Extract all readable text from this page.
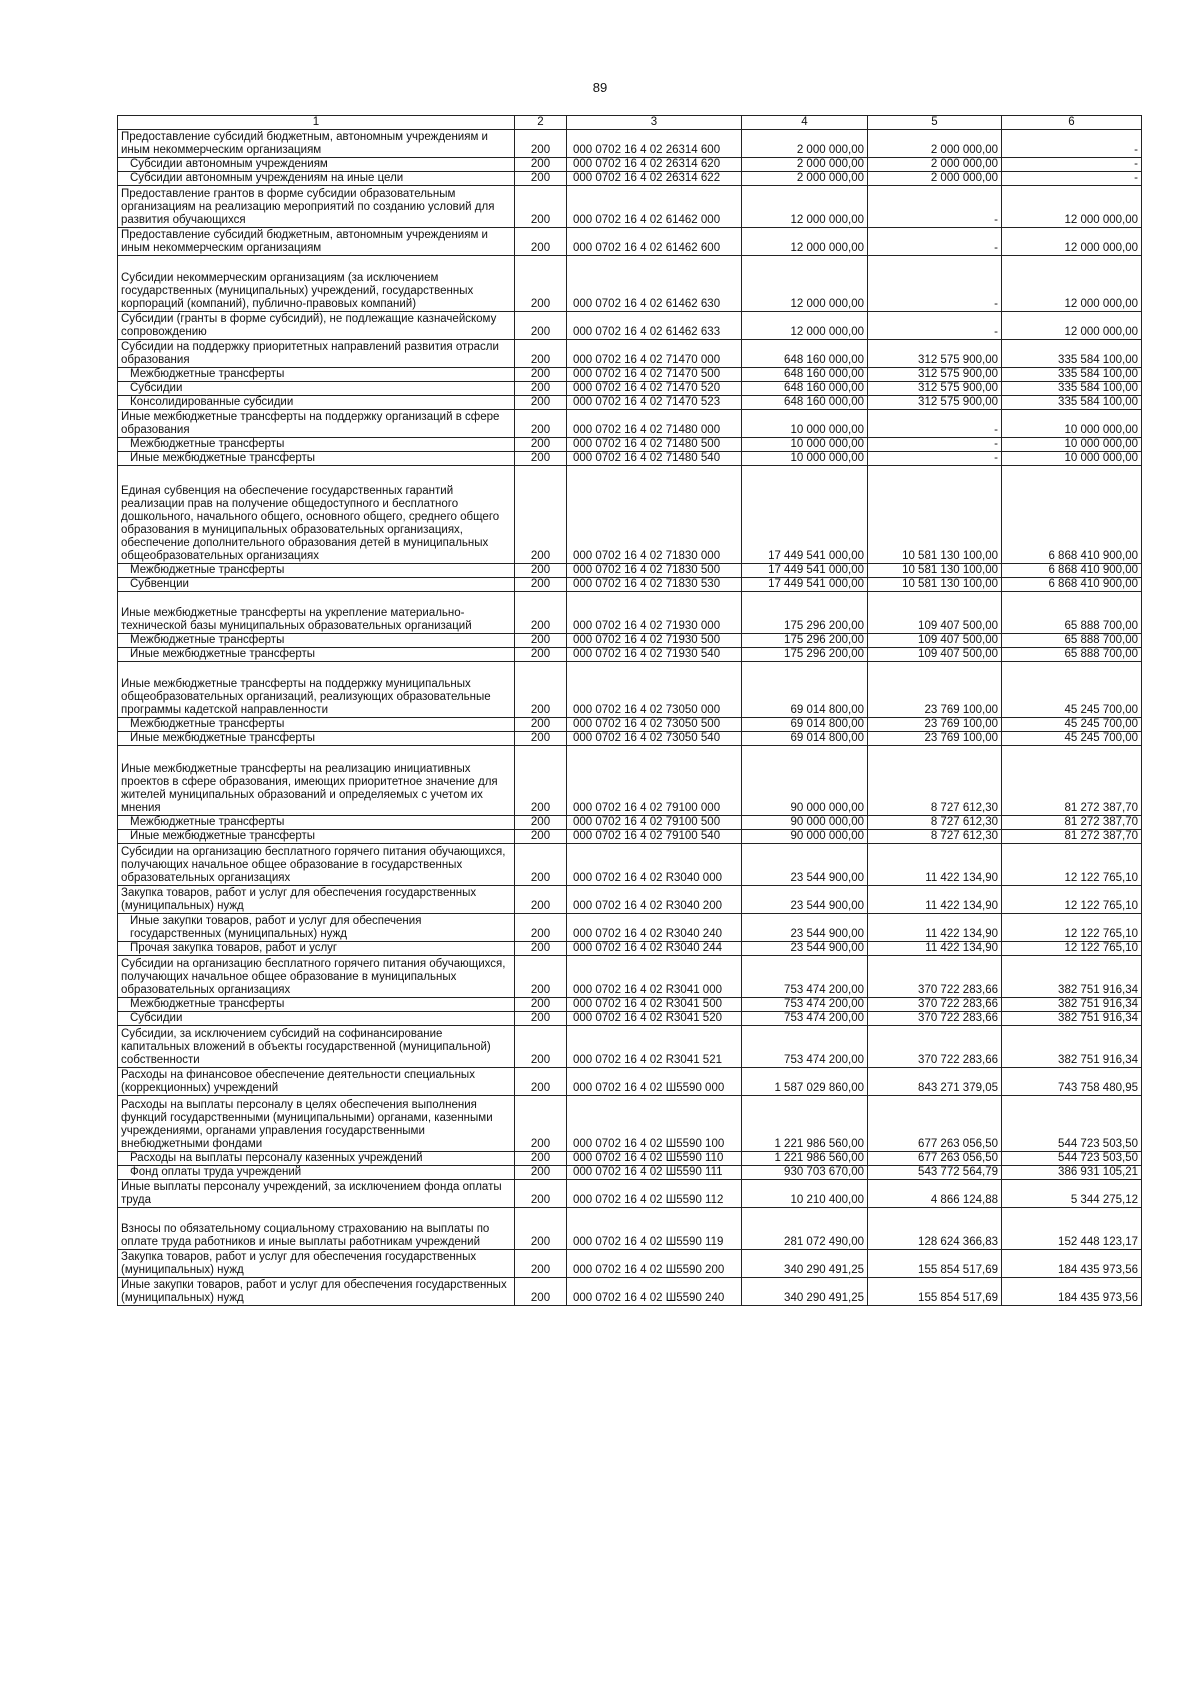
89
1	2	3	4	5	6
Предоставление субсидий бюджетным, автономным учреждениям и иным некоммерческим организациям	200	000 0702 16 4 02 26314 600	2 000 000,00	2 000 000,00	-
Субсидии автономным учреждениям	200	000 0702 16 4 02 26314 620	2 000 000,00	2 000 000,00	-
Субсидии автономным учреждениям на иные цели	200	000 0702 16 4 02 26314 622	2 000 000,00	2 000 000,00	-
Предоставление грантов в форме субсидии образовательным организациям на реализацию мероприятий по созданию условий для развития обучающихся	200	000 0702 16 4 02 61462 000	12 000 000,00	-	12 000 000,00
Предоставление субсидий бюджетным, автономным учреждениям и иным некоммерческим организациям	200	000 0702 16 4 02 61462 600	12 000 000,00	-	12 000 000,00
Субсидии некоммерческим организациям (за исключением государственных (муниципальных) учреждений, государственных корпораций (компаний), публично-правовых компаний)	200	000 0702 16 4 02 61462 630	12 000 000,00	-	12 000 000,00
Субсидии (гранты в форме субсидий), не подлежащие казначейскому сопровождению	200	000 0702 16 4 02 61462 633	12 000 000,00	-	12 000 000,00
Субсидии на поддержку приоритетных направлений развития отрасли образования	200	000 0702 16 4 02 71470 000	648 160 000,00	312 575 900,00	335 584 100,00
Межбюджетные трансферты	200	000 0702 16 4 02 71470 500	648 160 000,00	312 575 900,00	335 584 100,00
Субсидии	200	000 0702 16 4 02 71470 520	648 160 000,00	312 575 900,00	335 584 100,00
Консолидированные субсидии	200	000 0702 16 4 02 71470 523	648 160 000,00	312 575 900,00	335 584 100,00
Иные межбюджетные трансферты на поддержку организаций в сфере образования	200	000 0702 16 4 02 71480 000	10 000 000,00	-	10 000 000,00
Межбюджетные трансферты	200	000 0702 16 4 02 71480 500	10 000 000,00	-	10 000 000,00
Иные межбюджетные трансферты	200	000 0702 16 4 02 71480 540	10 000 000,00	-	10 000 000,00
Единая субвенция на обеспечение государственных гарантий реализации прав на получение общедоступного и бесплатного дошкольного, начального общего, основного общего, среднего общего образования в муниципальных образовательных организациях, обеспечение дополнительного образования детей в муниципальных общеобразовательных организациях	200	000 0702 16 4 02 71830 000	17 449 541 000,00	10 581 130 100,00	6 868 410 900,00
Межбюджетные трансферты	200	000 0702 16 4 02 71830 500	17 449 541 000,00	10 581 130 100,00	6 868 410 900,00
Субвенции	200	000 0702 16 4 02 71830 530	17 449 541 000,00	10 581 130 100,00	6 868 410 900,00
Иные межбюджетные трансферты на укрепление материально-технической базы муниципальных образовательных организаций	200	000 0702 16 4 02 71930 000	175 296 200,00	109 407 500,00	65 888 700,00
Межбюджетные трансферты	200	000 0702 16 4 02 71930 500	175 296 200,00	109 407 500,00	65 888 700,00
Иные межбюджетные трансферты	200	000 0702 16 4 02 71930 540	175 296 200,00	109 407 500,00	65 888 700,00
Иные межбюджетные трансферты на поддержку муниципальных общеобразовательных организаций, реализующих образовательные программы кадетской направленности	200	000 0702 16 4 02 73050 000	69 014 800,00	23 769 100,00	45 245 700,00
Межбюджетные трансферты	200	000 0702 16 4 02 73050 500	69 014 800,00	23 769 100,00	45 245 700,00
Иные межбюджетные трансферты	200	000 0702 16 4 02 73050 540	69 014 800,00	23 769 100,00	45 245 700,00
Иные межбюджетные трансферты на реализацию инициативных проектов в сфере образования, имеющих приоритетное значение для жителей муниципальных образований и определяемых с учетом их мнения	200	000 0702 16 4 02 79100 000	90 000 000,00	8 727 612,30	81 272 387,70
Межбюджетные трансферты	200	000 0702 16 4 02 79100 500	90 000 000,00	8 727 612,30	81 272 387,70
Иные межбюджетные трансферты	200	000 0702 16 4 02 79100 540	90 000 000,00	8 727 612,30	81 272 387,70
Субсидии на организацию бесплатного горячего питания обучающихся, получающих начальное общее образование в государственных образовательных организациях	200	000 0702 16 4 02 R3040 000	23 544 900,00	11 422 134,90	12 122 765,10
Закупка товаров, работ и услуг для обеспечения государственных (муниципальных) нужд	200	000 0702 16 4 02 R3040 200	23 544 900,00	11 422 134,90	12 122 765,10
Иные закупки товаров, работ и услуг для обеспечения государственных (муниципальных) нужд	200	000 0702 16 4 02 R3040 240	23 544 900,00	11 422 134,90	12 122 765,10
Прочая закупка товаров, работ и услуг	200	000 0702 16 4 02 R3040 244	23 544 900,00	11 422 134,90	12 122 765,10
Субсидии на организацию бесплатного горячего питания обучающихся, получающих начальное общее образование в муниципальных образовательных организациях	200	000 0702 16 4 02 R3041 000	753 474 200,00	370 722 283,66	382 751 916,34
Межбюджетные трансферты	200	000 0702 16 4 02 R3041 500	753 474 200,00	370 722 283,66	382 751 916,34
Субсидии	200	000 0702 16 4 02 R3041 520	753 474 200,00	370 722 283,66	382 751 916,34
Субсидии, за исключением субсидий на софинансирование капитальных вложений в объекты государственной (муниципальной) собственности	200	000 0702 16 4 02 R3041 521	753 474 200,00	370 722 283,66	382 751 916,34
Расходы на финансовое обеспечение деятельности специальных (коррекционных) учреждений	200	000 0702 16 4 02 Ш5590 000	1 587 029 860,00	843 271 379,05	743 758 480,95
Расходы на выплаты персоналу в целях обеспечения выполнения функций государственными (муниципальными) органами, казенными учреждениями, органами управления государственными внебюджетными фондами	200	000 0702 16 4 02 Ш5590 100	1 221 986 560,00	677 263 056,50	544 723 503,50
Расходы на выплаты персоналу казенных учреждений	200	000 0702 16 4 02 Ш5590 110	1 221 986 560,00	677 263 056,50	544 723 503,50
Фонд оплаты труда учреждений	200	000 0702 16 4 02 Ш5590 111	930 703 670,00	543 772 564,79	386 931 105,21
Иные выплаты персоналу учреждений, за исключением фонда оплаты труда	200	000 0702 16 4 02 Ш5590 112	10 210 400,00	4 866 124,88	5 344 275,12
Взносы по обязательному социальному страхованию на выплаты по оплате труда работников и иные выплаты работникам учреждений	200	000 0702 16 4 02 Ш5590 119	281 072 490,00	128 624 366,83	152 448 123,17
Закупка товаров, работ и услуг для обеспечения государственных (муниципальных) нужд	200	000 0702 16 4 02 Ш5590 200	340 290 491,25	155 854 517,69	184 435 973,56
Иные закупки товаров, работ и услуг для обеспечения государственных (муниципальных) нужд	200	000 0702 16 4 02 Ш5590 240	340 290 491,25	155 854 517,69	184 435 973,56
